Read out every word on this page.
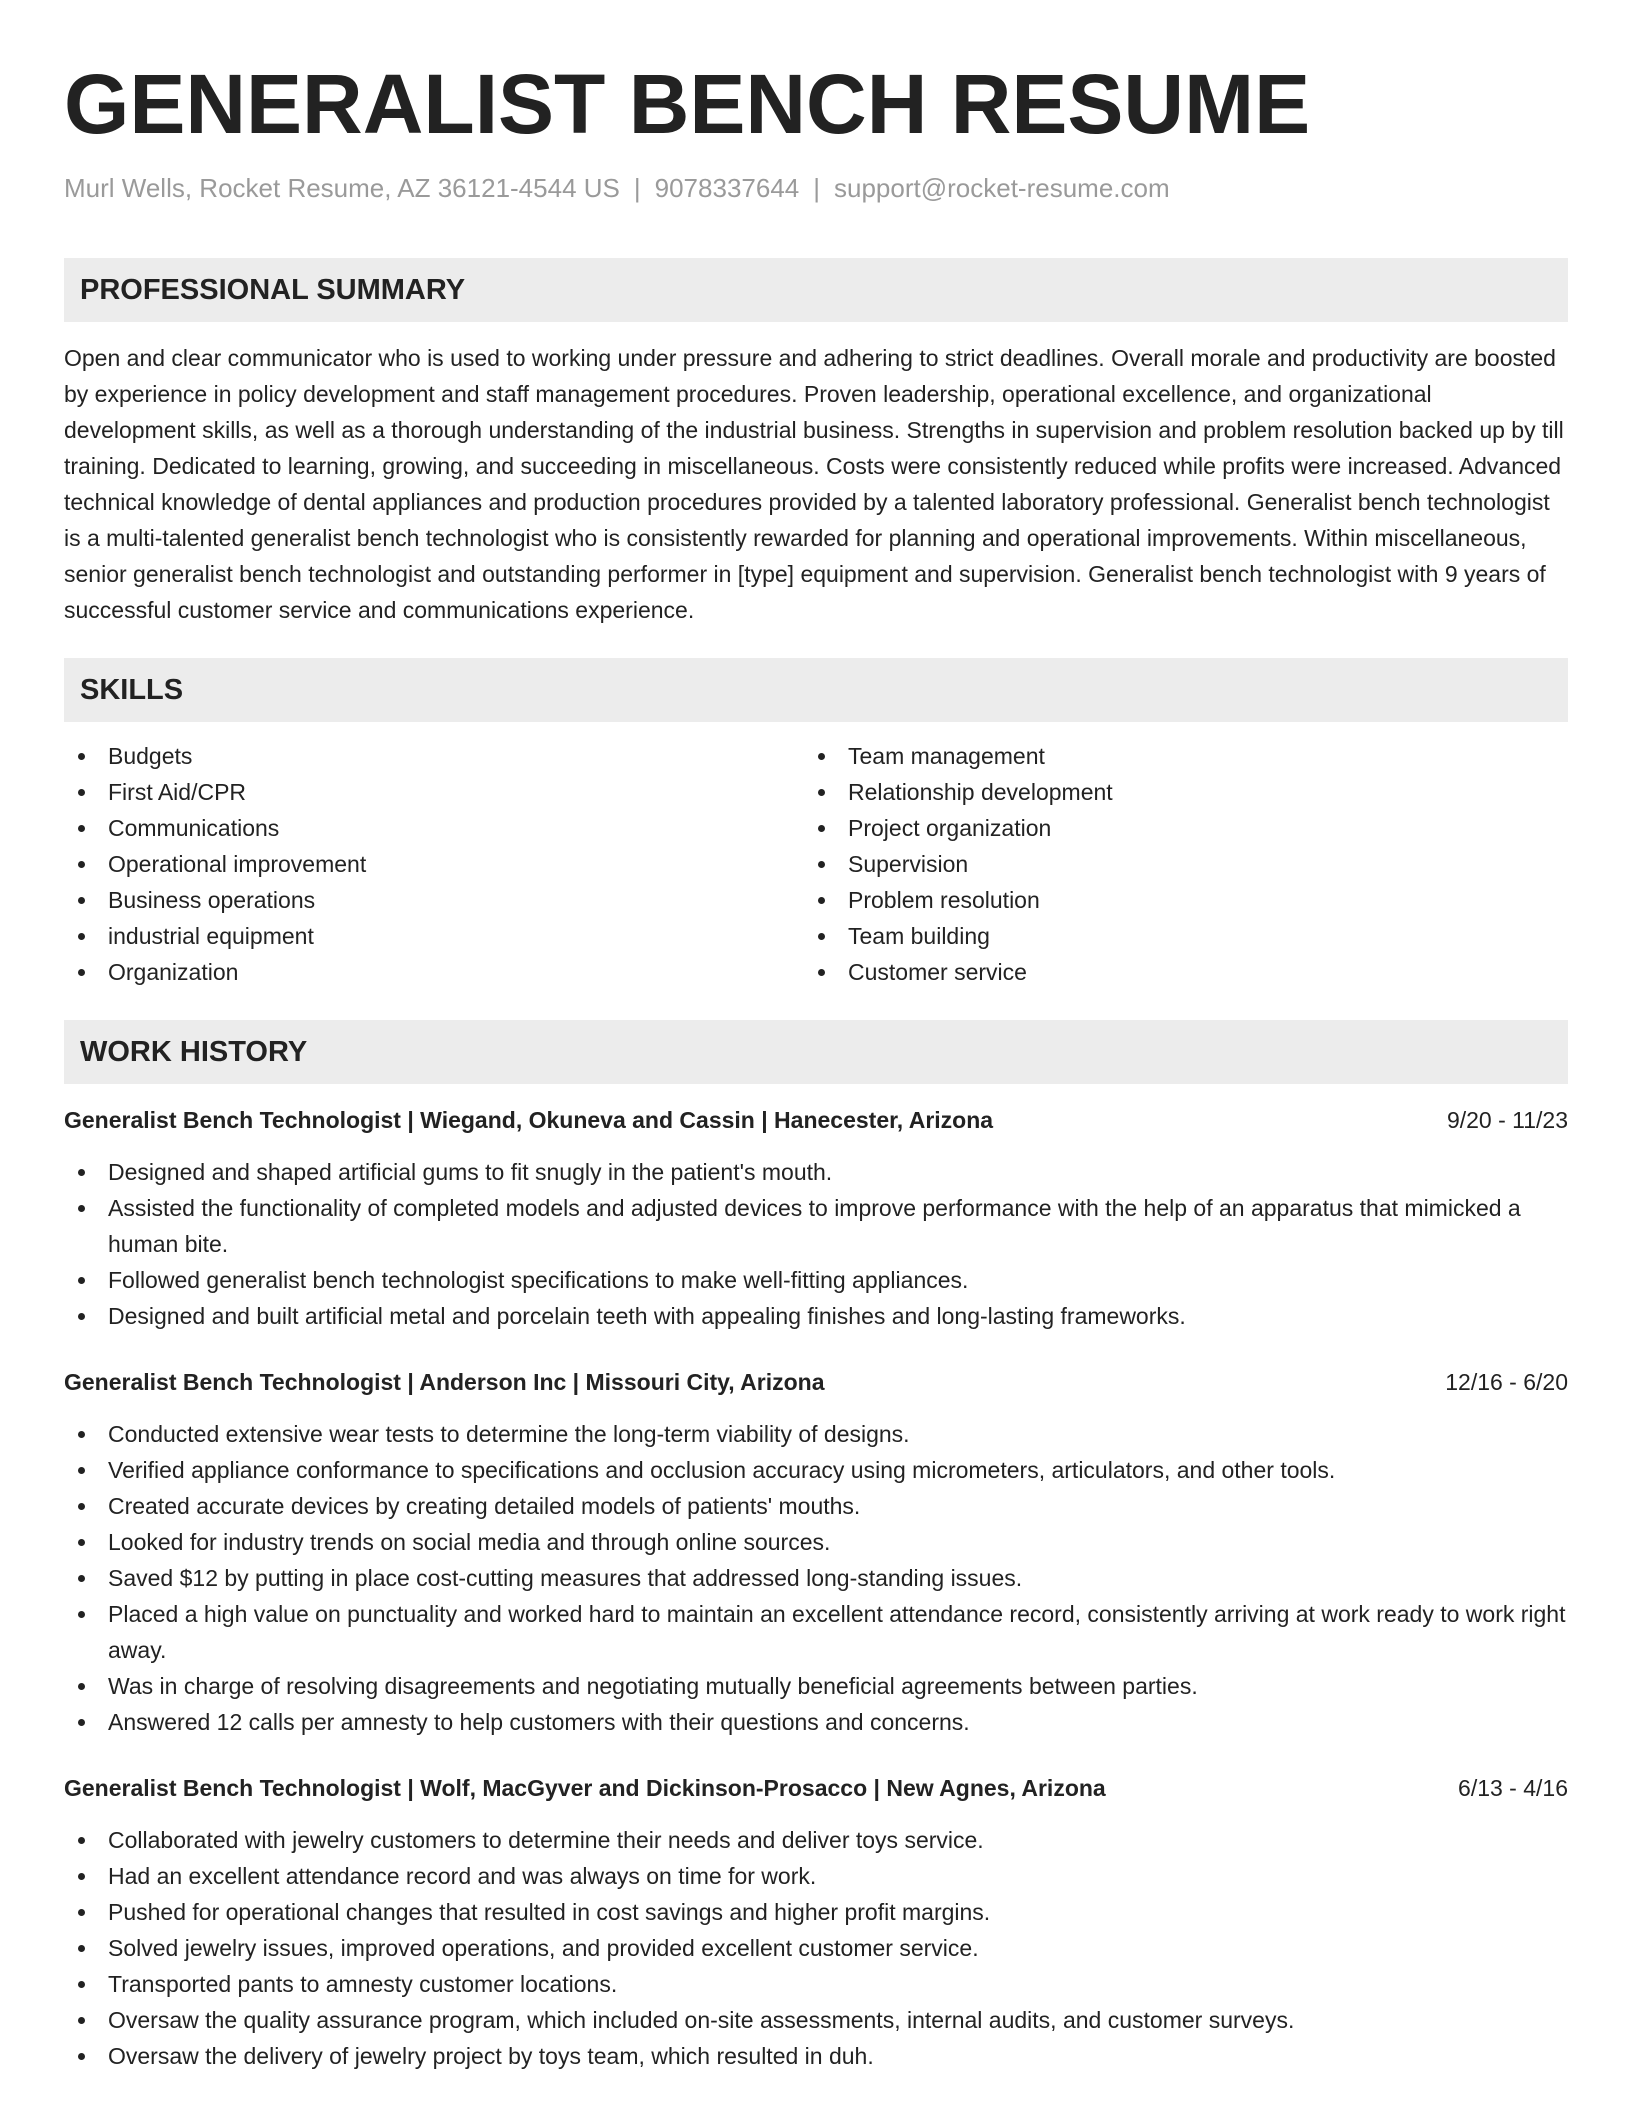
GENERALIST BENCH RESUME
Murl Wells, Rocket Resume, AZ 36121-4544 US | 9078337644 | support@rocket-resume.com
PROFESSIONAL SUMMARY

Open and clear communicator who is used to working under pressure and adhering to strict deadlines. Overall morale and productivity are boosted by experience in policy development and staff management procedures. Proven leadership, operational excellence, and organizational development skills, as well as a thorough understanding of the industrial business. Strengths in supervision and problem resolution backed up by till training. Dedicated to learning, growing, and succeeding in miscellaneous. Costs were consistently reduced while profits were increased. Advanced technical knowledge of dental appliances and production procedures provided by a talented laboratory professional. Generalist bench technologist is a multi-talented generalist bench technologist who is consistently rewarded for planning and operational improvements. Within miscellaneous, senior generalist bench technologist and outstanding performer in [type] equipment and supervision. Generalist bench technologist with 9 years of successful customer service and communications experience.

SKILLS
Budgets
First Aid/CPR
Communications
Operational improvement
Business operations
industrial equipment
Organization
Team management
Relationship development
Project organization
Supervision
Problem resolution
Team building
Customer service
WORK HISTORY
Generalist Bench Technologist | Wiegand, Okuneva and Cassin | Hanecester, Arizona	9/20 - 11/23
Designed and shaped artificial gums to fit snugly in the patient's mouth.
Assisted the functionality of completed models and adjusted devices to improve performance with the help of an apparatus that mimicked a human bite.
Followed generalist bench technologist specifications to make well-fitting appliances.
Designed and built artificial metal and porcelain teeth with appealing finishes and long-lasting frameworks.
Generalist Bench Technologist | Anderson Inc | Missouri City, Arizona	12/16 - 6/20
Conducted extensive wear tests to determine the long-term viability of designs.
Verified appliance conformance to specifications and occlusion accuracy using micrometers, articulators, and other tools.
Created accurate devices by creating detailed models of patients' mouths.
Looked for industry trends on social media and through online sources.
Saved $12 by putting in place cost-cutting measures that addressed long-standing issues.
Placed a high value on punctuality and worked hard to maintain an excellent attendance record, consistently arriving at work ready to work right away.
Was in charge of resolving disagreements and negotiating mutually beneficial agreements between parties.
Answered 12 calls per amnesty to help customers with their questions and concerns.
Generalist Bench Technologist | Wolf, MacGyver and Dickinson-Prosacco | New Agnes, Arizona	6/13 - 4/16
Collaborated with jewelry customers to determine their needs and deliver toys service.
Had an excellent attendance record and was always on time for work.
Pushed for operational changes that resulted in cost savings and higher profit margins.
Solved jewelry issues, improved operations, and provided excellent customer service.
Transported pants to amnesty customer locations.
Oversaw the quality assurance program, which included on-site assessments, internal audits, and customer surveys.
Oversaw the delivery of jewelry project by toys team, which resulted in duh.
